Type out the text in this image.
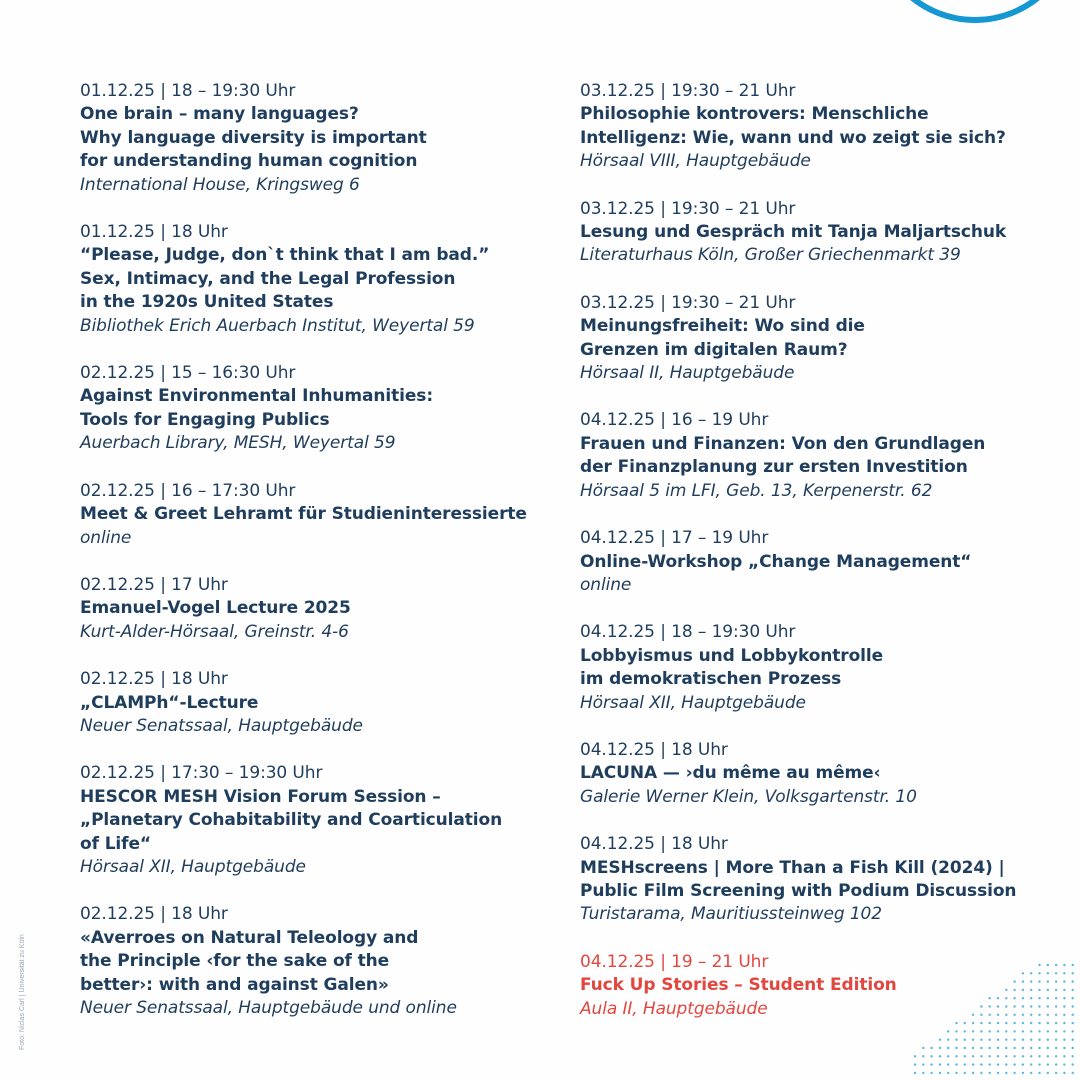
01.12.25 | 18 – 19:30 Uhr

One brain – many languages?
Why language diversity is important
for understanding human cognition

International House, Kringsweg 6

01.12.25 | 18 Uhr

“Please, Judge, don`t think that I am bad.”
Sex, Intimacy, and the Legal Profession
in the 1920s United States

Bibliothek Erich Auerbach Institut, Weyertal 59

02.12.25 | 15 – 16:30 Uhr

Against Environmental Inhumanities:
Tools for Engaging Publics

Auerbach Library, MESH, Weyertal 59

02.12.25 | 16 – 17:30 Uhr

Meet & Greet Lehramt für Studieninteressierte

online

02.12.25 | 17 Uhr

Emanuel-Vogel Lecture 2025

Kurt-Alder-Hörsaal, Greinstr. 4-6

02.12.25 | 18 Uhr

„CLAMPh“-Lecture

Neuer Senatssaal, Hauptgebäude

02.12.25 | 17:30 – 19:30 Uhr

HESCOR MESH Vision Forum Session –
„Planetary Cohabitability and Coarticulation
of Life“

Hörsaal XII, Hauptgebäude

02.12.25 | 18 Uhr

«Averroes on Natural Teleology and
the Principle ‹for the sake of the
better›: with and against Galen»

Neuer Senatssaal, Hauptgebäude und online

03.12.25 | 19:30 – 21 Uhr

Philosophie kontrovers: Menschliche
Intelligenz: Wie, wann und wo zeigt sie sich?

Hörsaal VIII, Hauptgebäude

03.12.25 | 19:30 – 21 Uhr

Lesung und Gespräch mit Tanja Maljartschuk

Literaturhaus Köln, Großer Griechenmarkt 39

03.12.25 | 19:30 – 21 Uhr

Meinungsfreiheit: Wo sind die
Grenzen im digitalen Raum?

Hörsaal II, Hauptgebäude

04.12.25 | 16 – 19 Uhr

Frauen und Finanzen: Von den Grundlagen
der Finanzplanung zur ersten Investition

Hörsaal 5 im LFI, Geb. 13, Kerpenerstr. 62

04.12.25 | 17 – 19 Uhr

Online-Workshop „Change Management“

online

04.12.25 | 18 – 19:30 Uhr

Lobbyismus und Lobbykontrolle
im demokratischen Prozess

Hörsaal XII, Hauptgebäude

04.12.25 | 18 Uhr

LACUNA — ›du même au même‹

Galerie Werner Klein, Volksgartenstr. 10

04.12.25 | 18 Uhr

MESHscreens | More Than a Fish Kill (2024) |
Public Film Screening with Podium Discussion

Turistarama, Mauritiussteinweg 102

04.12.25 | 19 – 21 Uhr

Fuck Up Stories – Student Edition

Aula II, Hauptgebäude

Foto: Niclas Carl | Universität zu Köln
